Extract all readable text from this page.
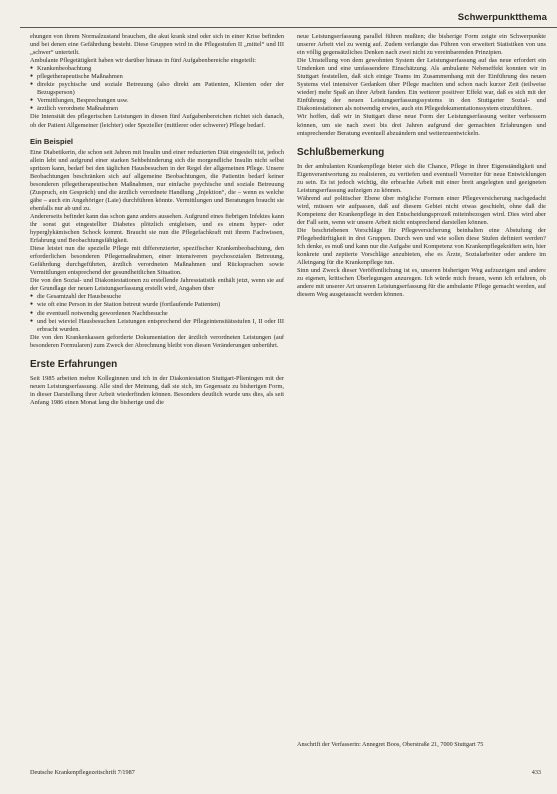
Schwerpunktthema

ehungen von ihrem Normalzustand brauchen, die akut krank sind oder sich in einer Krise befinden und bei denen eine Gefährdung besteht. Diese Gruppen wird in die Pflegestufen II „mittel“ und III „schwer“ unterteilt.

Ambulante Pflegetätigkeit haben wir darüber hinaus in fünf Aufgabenbereiche eingeteilt:

● Krankenbeobachtung
● pflegetherapeutische Maßnahmen
● direkte psychische und soziale Betreuung (also direkt am Patienten, Klienten oder der Bezugsperson)
● Vermittlungen, Besprechungen usw.
● ärztlich verordnete Maßnahmen

Die Intensität des pflegerischen Leistungen in diesen fünf Aufgabenbereichen richtet sich danach, ob der Patient Allgemeiner (leichter) oder Spezieller (mittlerer oder schwerer) Pflege bedarf.

Ein Beispiel

Eine Diabetikerin, die schon seit Jahren mit Insulin und einer reduzierten Diät eingestellt ist, jedoch allein lebt und aufgrund einer starken Sehbehinderung sich die morgendliche Insulin nicht selbst spritzen kann, bedarf bei den täglichen Hausbesuchen in der Regel der allgemeinen Pflege. Unsere Beobachtungen beschränken sich auf allgemeine Beobachtungen, die Patientin bedarf keiner besonderen pflegetherapeutischen Maßnahmen, nur einfache psychische und soziale Betreuung (Zuspruch, ein Gespräch) und die ärztlich verordnete Handlung „Injektion“, die – wenn es welche gäbe – auch ein Angehöriger (Laie) durchführen könnte. Vermittlungen und Beratungen braucht sie ebenfalls nur ab und zu.

Andererseits befindet kann das schon ganz anders aussehen. Aufgrund eines fiebrigen Infektes kann ihr sonst gut eingestellter Diabetes plötzlich entgleisen, und es einem hyper- oder hyperglykämischen Schock kommt. Braucht sie nun die Pflegefachkraft mit ihrem Fachwissen, Erfahrung und Beobachtungsfähigkeit.

Diese leistet nun die spezielle Pflege mit differenzierter, spezifischer Krankenbeobachtung, den erforderlichen besonderen Pflegemaßnahmen, einer intensiveren psychosozialen Betreuung, Gefährdung durchgeführten, ärztlich verordneten Maßnahmen und Rücksprachen sowie Vermittlungen entsprechend der gesundheitlichen Situation.

Die von den Sozial- und Diakoniestationen zu erstellende Jahresstatistik enthält jetzt, wenn sie auf der Grundlage der neuen Leistungserfassung erstellt wird, Angaben über

● die Gesamtzahl der Hausbesuche
● wie oft eine Person in der Station betreut wurde (fortlaufende Patienten)
● die eventuell notwendig gewordenen Nachtbesuche
● und bei wieviel Hausbesuchen Leistungen entsprechend der Pflegeintensitätsstufen I, II oder III erbracht wurden.

Die von den Krankenkassen geforderte Dokumentation der ärztlich verordneten Leistungen (auf besonderen Formularen) zum Zweck der Abrechnung bleibt von diesen Veränderungen unberührt.

Erste Erfahrungen

Seit 1985 arbeiten mehre Kolleginnen und ich in der Diakoniestation Stuttgart-Plieningen mit der neuen Leistungserfassung. Alle sind der Meinung, daß sie sich, im Gegensatz zu bisherigen Form, in dieser Darstellung ihrer Arbeit wiederfinden können. Besonders deutlich wurde uns dies, als seit Anfang 1986 einen Monat lang die bisherige und die

neue Leistungserfassung parallel führen mußten; die bisherige Form zeigte ein Schwerpunkte unserer Arbeit viel zu wenig auf. Zudem verlangte das Führen von erweitert Statistiken von uns ein völlig gegensätzliches Denken nach zwei nicht zu vereinbarenden Prinzipien.

Die Umstellung von dem gewohnten System der Leistungserfassung auf das neue erfordert ein Umdenken und eine umfassendere Einschätzung. Als ambulante Nebeneffekt konnten wir in Stuttgart feststellen, daß sich einige Teams im Zusammenhang mit der Einführung des neuen Systems viel intensiver Gedanken über Pflege machten und schon nach kurzer Zeit (teilweise wieder) mehr Spaß an ihrer Arbeit fanden. Ein weiterer positiver Effekt war, daß es sich mit der Einführung der neuen Leistungserfassungssystems in den Stuttgarter Sozial- und Diakoniestationen als notwendig erwies, auch ein Pflegedokumentationssystem einzuführen.

Wir hoffen, daß wir in Stuttgart diese neue Form der Leistungserfassung weiter verbessern können, um sie nach zwei bis drei Jahren aufgrund der gemachten Erfahrungen und entsprechender Beratung eventuell abzuändern und weiterzuentwickeln.

Schlußbemerkung

In der ambulanten Krankenpflege bieter sich die Chance, Pflege in ihrer Eigenständigkeit und Eigenverantwortung zu realisieren, zu vertiefen und eventuell Vorreiter für neue Entwicklungen zu sein. Es ist jedoch wichtig, die erbrachte Arbeit mit einer breit angelegten und geeigneten Leistungserfassung aufzeigen zu können.

Während auf politischer Ebene über mögliche Formen einer Pflegeversicherung nachgedacht wird, müssen wir aufpassen, daß auf diesem Gebiet nicht etwas geschieht, ohne daß die Kompetenz der Krankenpflege in den Entscheidungsprozeß miteinbezogen wird. Dies wird aber der Fall sein, wenn wir unsere Arbeit nicht entsprechend darstellen können.

Die beschriebenen Vorschläge für Pflegeversicherung beinhalten eine Abstufung der Pflegebedürftigkeit in drei Gruppen. Durch wen und wie sollen diese Stufen definiert werden? Ich denke, es muß und kann nur die Aufgabe und Kompetenz von Krankenpflegekräften sein, hier konkrete und zeptierte Vorschläge anzubieten, ehe es Ärzte, Sozialarbeiter oder andere im Alleingang für die Krankenpflege tun.

Sinn und Zweck dieser Veröffentlichung ist es, unseren bisherigen Weg aufzuzeigen und andere zu eigenen, kritischen Überlegungen anzuregen. Ich würde mich freuen, wenn ich erfahren, ob andere mit unserer Art unseren Leistungserfassung für die ambulante Pflege gemacht werden, auf diesem Weg ausgetauscht werden können.

Anschrift der Verfasserin: Annegret Boos, Oberstraße 21, 7000 Stuttgart 75
Deutsche Krankenpflegezeitschrift 7/1987	433
